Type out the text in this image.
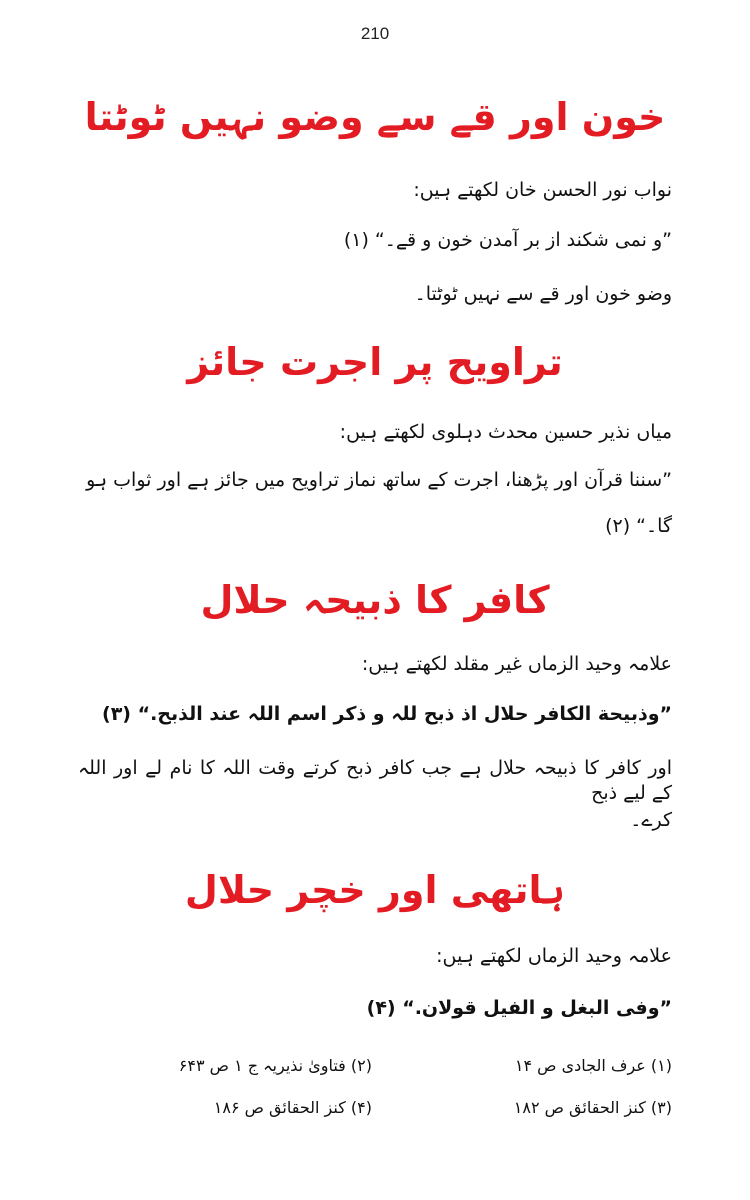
210
خون اور قے سے وضو نہیں ٹوٹتا
نواب نور الحسن خان لکھتے ہیں:
”و نمی شکند از بر آمدن خون و قے۔“ (۱)
وضو خون اور قے سے نہیں ٹوٹتا۔
تراویح پر اجرت جائز
میاں نذیر حسین محدث دہلوی لکھتے ہیں:
”سننا قرآن اور پڑھنا، اجرت کے ساتھ نماز تراویح میں جائز ہے اور ثواب ہو
گا۔“ (۲)
کافر کا ذبیحہ حلال
علامہ وحید الزماں غیر مقلد لکھتے ہیں:
”وذبیحة الکافر حلال اذ ذبح للہ و ذکر اسم اللہ عند الذبح.“ (۳)
اور کافر کا ذبیحہ حلال ہے جب کافر ذبح کرتے وقت اللہ کا نام لے اور اللہ کے لیے ذبح
کرے۔
ہاتھی اور خچر حلال
علامہ وحید الزماں لکھتے ہیں:
”وفی البغل و الفیل قولان.“ (۴)
(۱) عرف الجادی ص ۱۴
(۲) فتاویٰ نذیریہ ج ۱ ص ۶۴۳
(۳) کنز الحقائق ص ۱۸۲
(۴) کنز الحقائق ص ۱۸۶
